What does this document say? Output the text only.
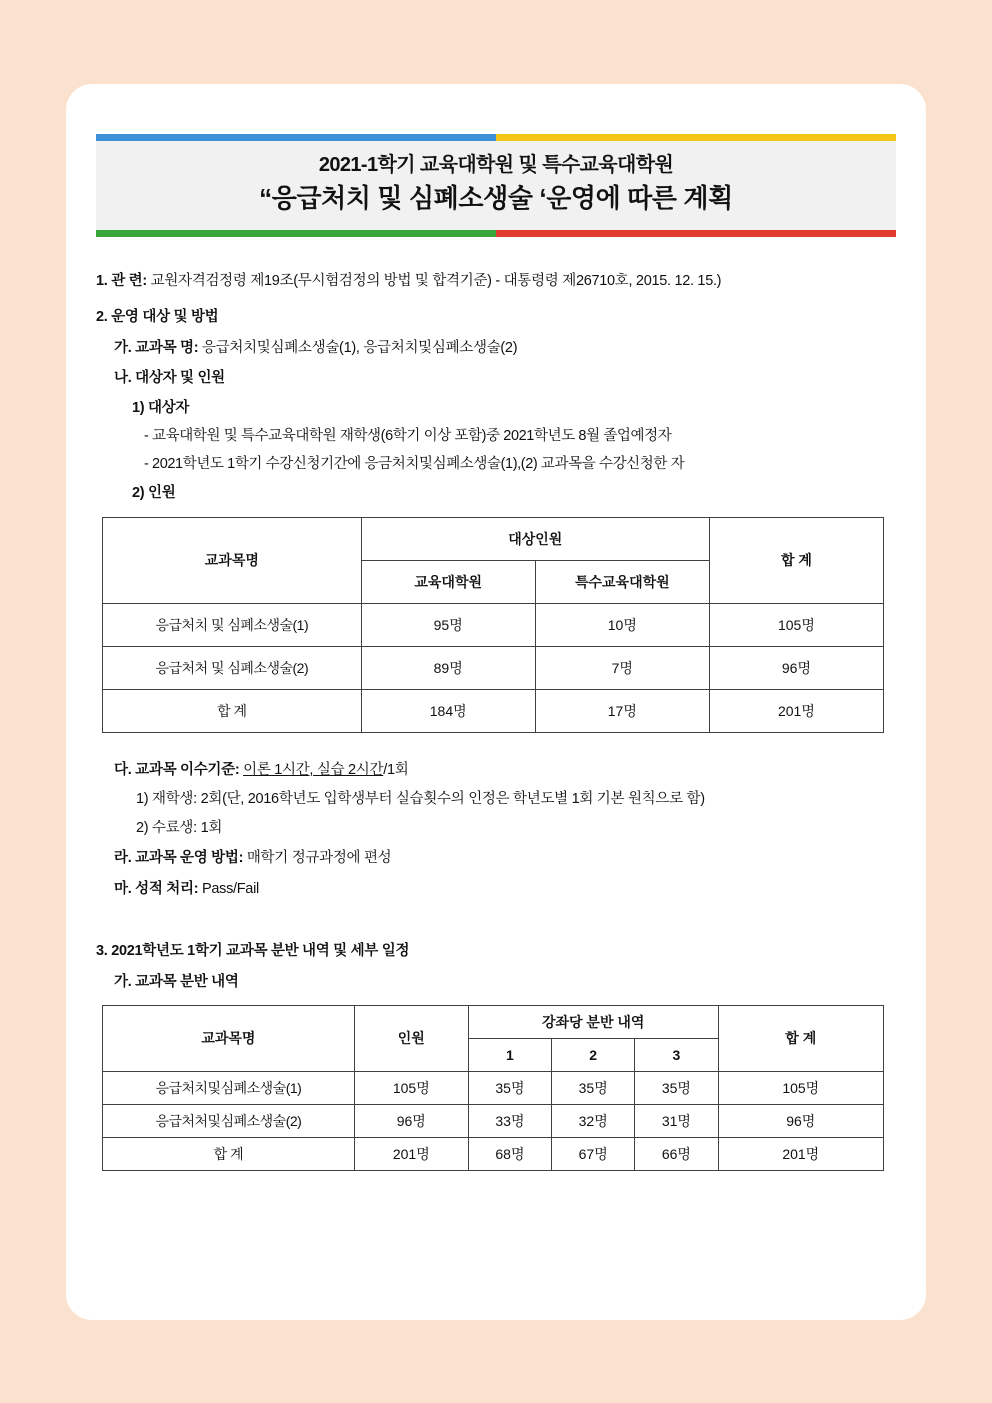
2021-1학기 교육대학원 및 특수교육대학원
“응급처치 및 심폐소생술 ‘운영에 따른 계획
1. 관 련: 교원자격검정령 제19조(무시험검정의 방법 및 합격기준) - 대통령령 제26710호, 2015. 12. 15.)
2. 운영 대상 및 방법
가. 교과목 명: 응급처치및심폐소생술(1), 응급처치및심폐소생술(2)
나. 대상자 및 인원
1) 대상자
- 교육대학원 및 특수교육대학원 재학생(6학기 이상 포함)중 2021학년도 8월 졸업예정자
- 2021학년도 1학기 수강신청기간에 응금처치및심폐소생술(1),(2) 교과목을 수강신청한 자
2) 인원
교과목명	대상인원		합 계
	교육대학원	특수교육대학원	
응급처치 및 심폐소생술(1)	95명	10명	105명
응급처처 및 심폐소생술(2)	89명	7명	96명
합 계	184명	17명	201명
다. 교과목 이수기준: 이론 1시간, 실습 2시간/1회
1) 재학생: 2회(단, 2016학년도 입학생부터 실습횟수의 인정은 학년도별 1회 기본 원칙으로 함)
2) 수료생: 1회
라. 교과목 운영 방법: 매학기 정규과정에 편성
마. 성적 처리: Pass/Fail
3. 2021학년도 1학기 교과목 분반 내역 및 세부 일정
가. 교과목 분반 내역
교과목명	인원	강좌당 분반 내역			합 계
		1	2	3	
응급처치및심폐소생술(1)	105명	35명	35명	35명	105명
응급처처및심폐소생술(2)	96명	33명	32명	31명	96명
합 계	201명	68명	67명	66명	201명
